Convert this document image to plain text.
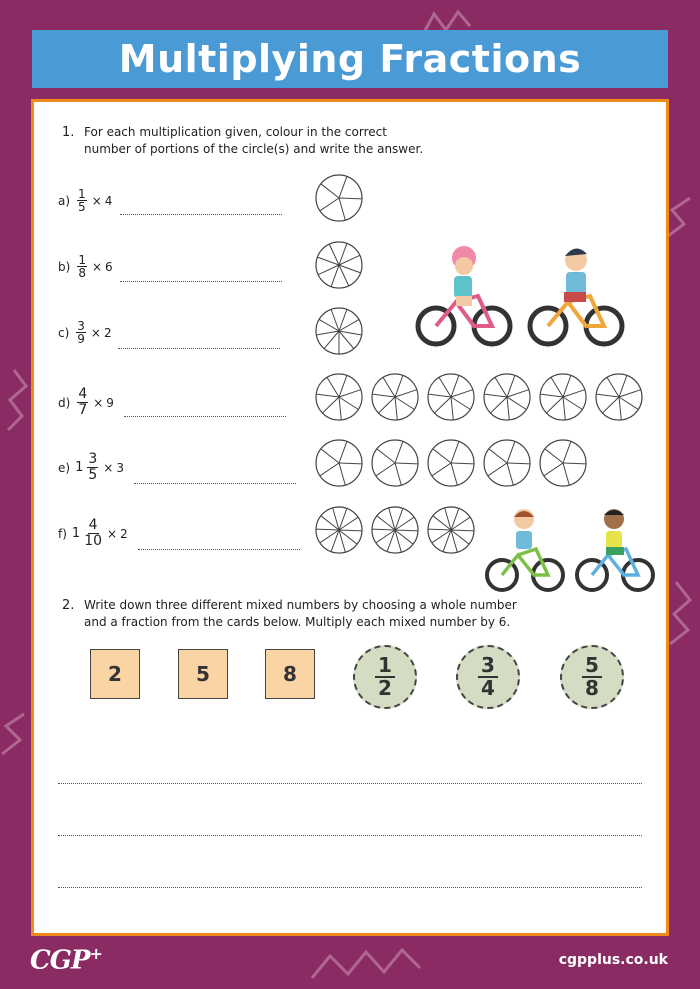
Multiplying Fractions
1. For each multiplication given, colour in the correct
number of portions of the circle(s) and write the answer.
$a) \frac{1}{5} \times 4$
$b) \frac{1}{8} \times 6$
$c) \frac{3}{9} \times 2$
$d) \frac{4}{7} \times 9$
e) $1 \frac{3}{5} \times 3$
f) $1 \frac{4}{10} \times 2$
2. Write down three different mixed numbers by choosing a whole number
and a fraction from the cards below. Multiply each mixed number by 6.
2	5	8	$\frac{1}{2}$	$\frac{3}{4}$	$\frac{5}{8}$
CGP+	cgpplus.co.uk
